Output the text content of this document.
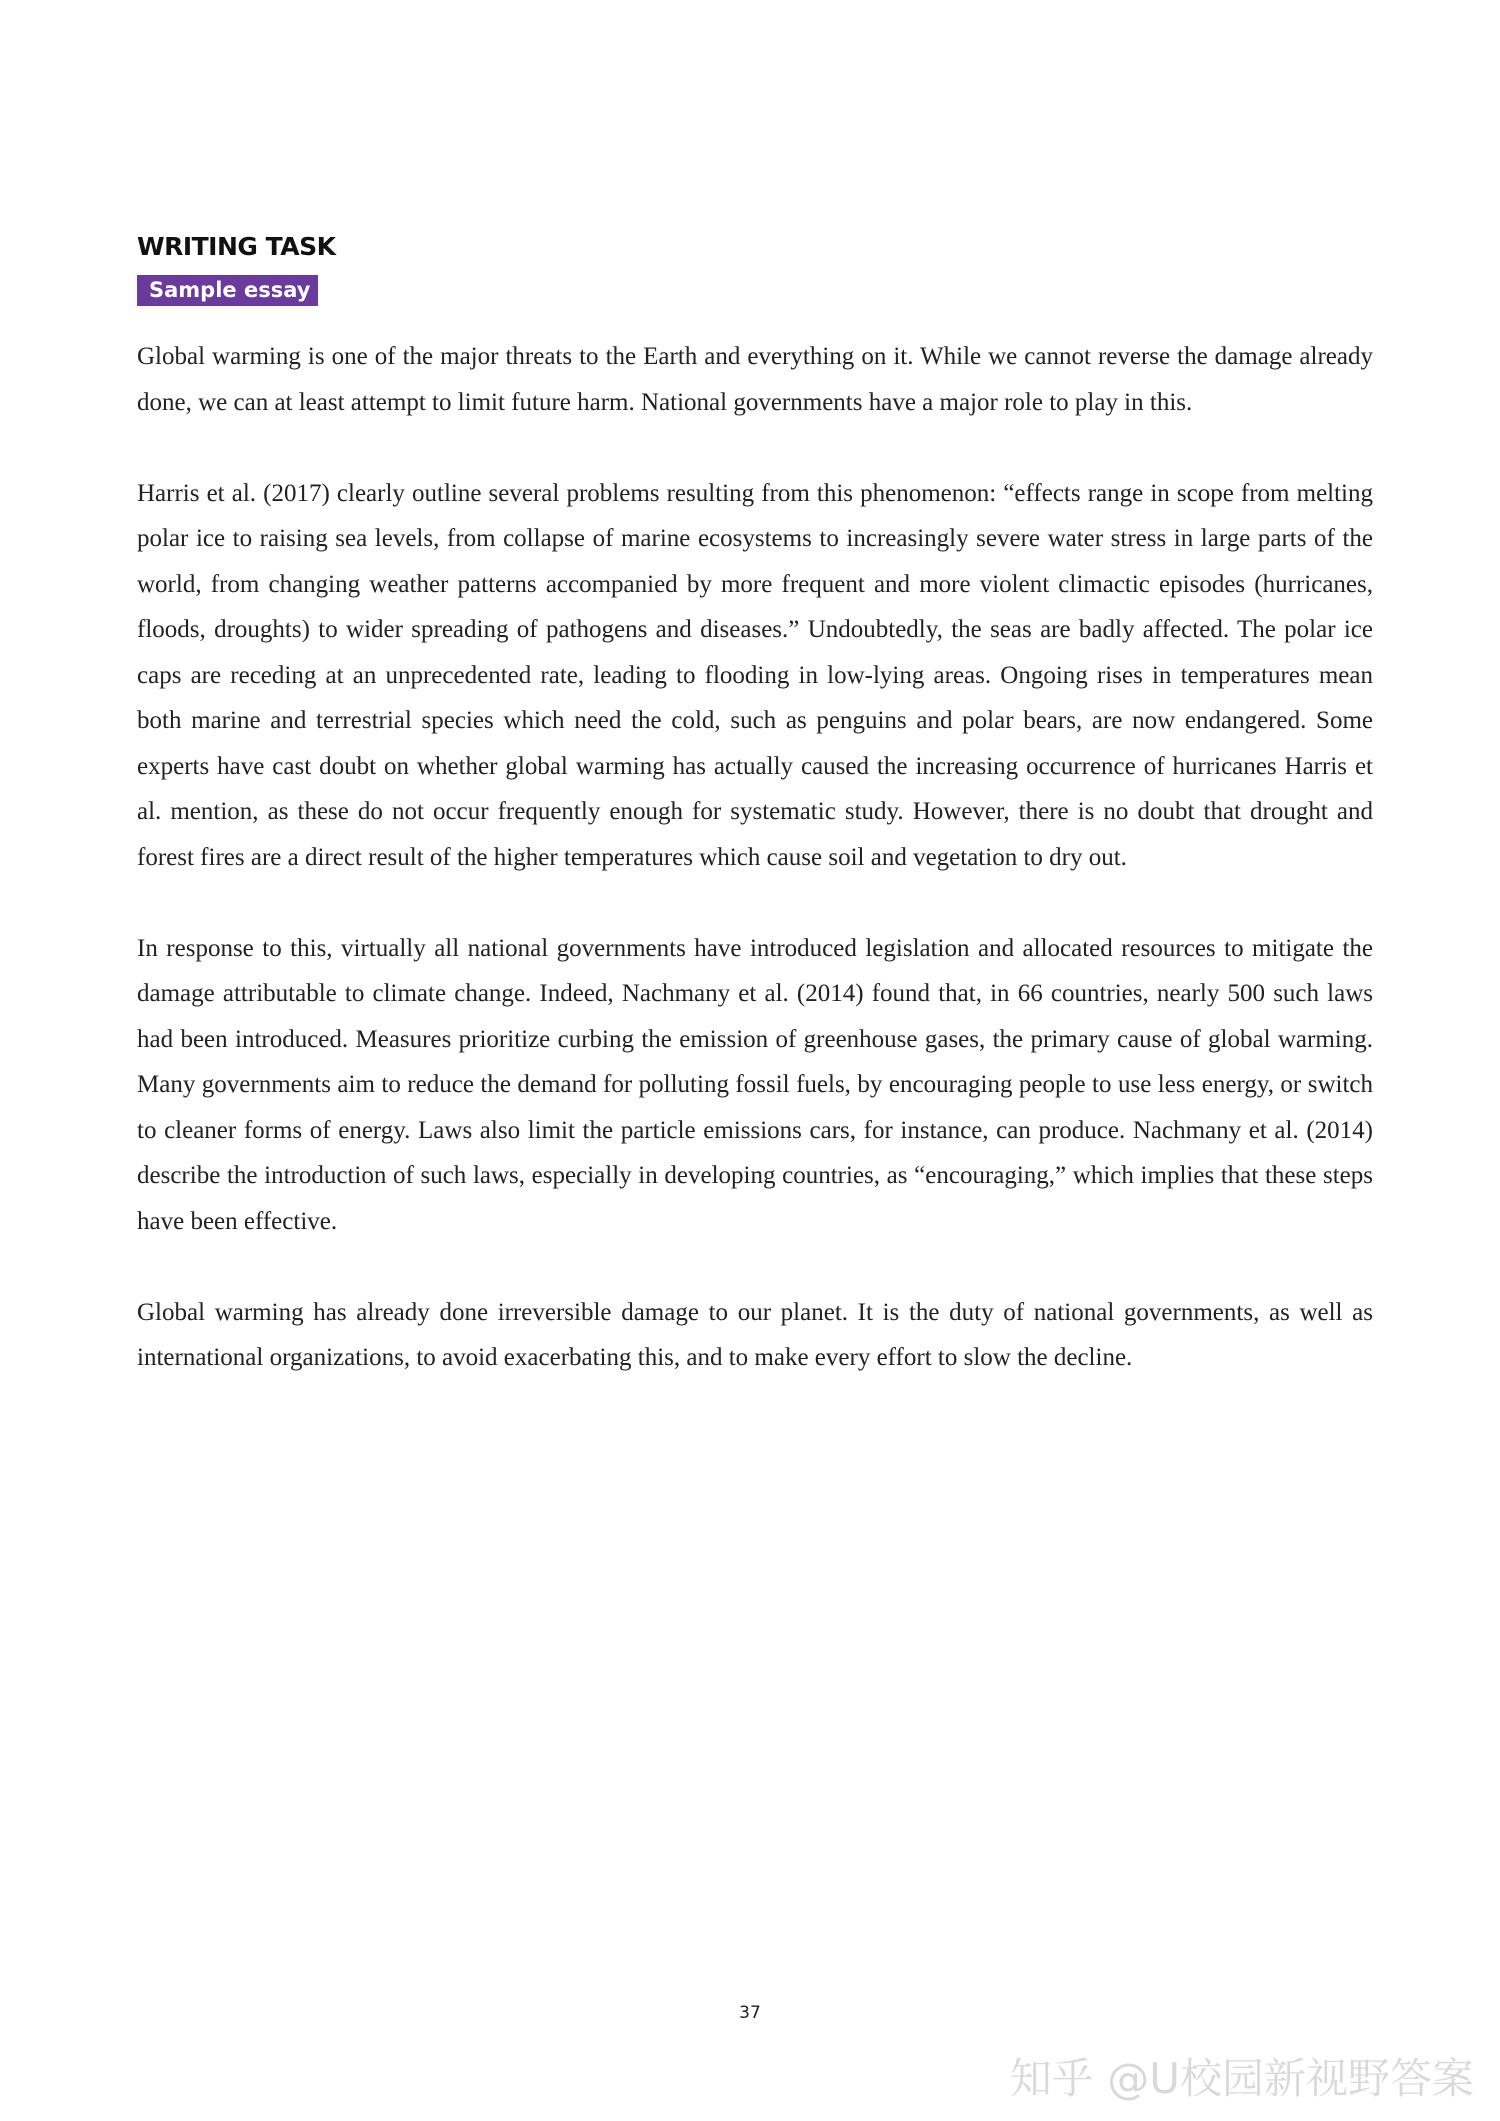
WRITING TASK
Sample essay

Global warming is one of the major threats to the Earth and everything on it. While we cannot reverse the damage already done, we can at least attempt to limit future harm. National governments have a major role to play in this.

Harris et al. (2017) clearly outline several problems resulting from this phenomenon: “effects range in scope from melting polar ice to raising sea levels, from collapse of marine ecosystems to increasingly severe water stress in large parts of the world, from changing weather patterns accompanied by more frequent and more violent climactic episodes (hurricanes, floods, droughts) to wider spreading of pathogens and diseases.” Undoubtedly, the seas are badly affected. The polar ice caps are receding at an unprecedented rate, leading to flooding in low-lying areas. Ongoing rises in temperatures mean both marine and terrestrial species which need the cold, such as penguins and polar bears, are now endangered. Some experts have cast doubt on whether global warming has actually caused the increasing occurrence of hurricanes Harris et al. mention, as these do not occur frequently enough for systematic study. However, there is no doubt that drought and forest fires are a direct result of the higher temperatures which cause soil and vegetation to dry out.

In response to this, virtually all national governments have introduced legislation and allocated resources to mitigate the damage attributable to climate change. Indeed, Nachmany et al. (2014) found that, in 66 countries, nearly 500 such laws had been introduced. Measures prioritize curbing the emission of greenhouse gases, the primary cause of global warming. Many governments aim to reduce the demand for polluting fossil fuels, by encouraging people to use less energy, or switch to cleaner forms of energy. Laws also limit the particle emissions cars, for instance, can produce. Nachmany et al. (2014) describe the introduction of such laws, especially in developing countries, as “encouraging,” which implies that these steps have been effective.

Global warming has already done irreversible damage to our planet. It is the duty of national governments, as well as international organizations, to avoid exacerbating this, and to make every effort to slow the decline.

37
知乎 @U校园新视野答案
